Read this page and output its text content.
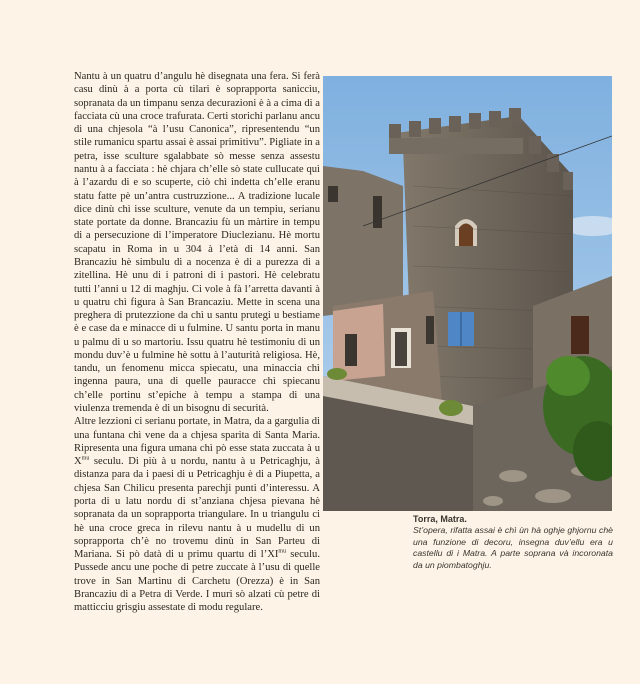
Nantu à un quatru d’angulu hè disegnata una fera. Si ferà casu dinù à a porta cù tilari è soprapporta saniccìu, sopranata da un timpanu senza decurazioni è à a cima di a facciata cù una croce trafurata. Certi storichi parlanu ancu di una chjesola “à l’usu Canonica”, ripresentendu “un stile rumanicu spartu assai è assai primitivu”. Pigliate in a petra, isse sculture sgalabbate sò messe senza assestu nantu à a facciata : hè chjara ch’elle sò state cullucate quì à l’azardu di e so scuperte, ciò chì indetta ch’elle eranu statu fatte pè un’antra custruzzione... A tradizione lucale dice dinù chì isse sculture, venute da un tempiu, serianu state portate da donne. Brancaziu fù un màrtire in tempu di a persecuzione di l’imperatore Diuclezianu. Hè mortu scapatu in Roma in u 304 à l’età di 14 anni. San Brancaziu hè simbulu di a nocenza è di a purezza di a zitellina. Hè unu di i patroni di i pastori. Hè celebratu tutti l’anni u 12 di maghju. Ci vole à fà l’arretta davanti à u quatru chì figura à San Brancaziu. Mette in scena una preghera di prutezzione da chì u santu prutegi u bestiame è e case da e minacce di u fulmine. U santu porta in manu u palmu di u so martoriu. Issu quatru hè testimoniu di un mondu duv’è u fulmine hè sottu à l’auturità religiosa. Hè, tandu, un fenomenu micca spiecatu, una minaccia chì ingenna paura, una di quelle pauracce chì spiecanu ch’elle portinu st’epiche à tempu a stampa di una viulenza tremenda è di un bisognu di securità.

Altre lezzioni ci serianu portate, in Matra, da a gargulia di una funtana chì vene da a chjesa sparita di Santa Maria. Ripresenta una figura umana chì pò esse stata zuccata à u $X^{mu}$ seculu. Di più à u nordu, nantu à u Petricaghju, à distanza para da i paesi di u Petricaghju è di a Piupetta, a chjesa San Chilicu presenta parechji punti d’interessu. A porta di u latu nordu di st’anziana chjesa pievana hè sopranata da un soprapporta triangulare. In u triangulu ci hè una croce greca in rilevu nantu à u mudellu di un soprapporta ch’è no trovemu dinù in San Parteu di Mariana. Si pò datà di u primu quartu di $l’XI^{mu}$ seculu. Pussede ancu une poche di petre zuccate à l’usu di quelle trove in San Martinu di Carchetu (Orezza) è in San Brancaziu di a Petra di Verde. I muri sò alzati cù petre di matticciu grisgiu assestate di modu regulare.

Torra, Matra.
St’opera, rifatta assai è chì ùn hà oghje ghjornu chè una funzione di decoru, insegna duv’ellu era u castellu di i Matra. A parte soprana và incoronata da un piombatoghju.
